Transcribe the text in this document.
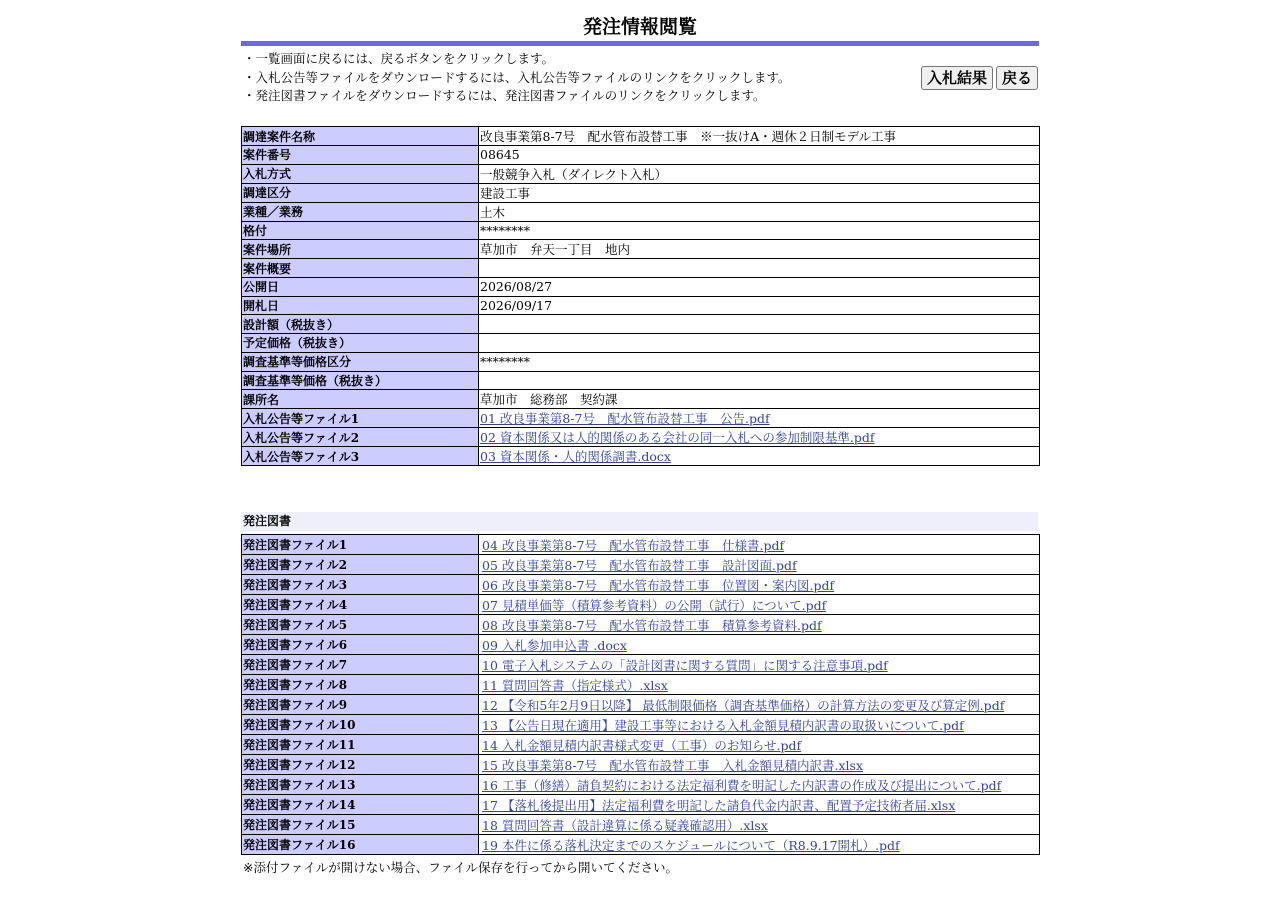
発注情報閲覧
・一覧画面に戻るには、戻るボタンをクリックします。
・入札公告等ファイルをダウンロードするには、入札公告等ファイルのリンクをクリックします。
・発注図書ファイルをダウンロードするには、発注図書ファイルのリンクをクリックします。
入札結果	戻る
調達案件名称	改良事業第8-7号　配水管布設替工事　※一抜けA・週休２日制モデル工事
案件番号	08645
入札方式	一般競争入札（ダイレクト入札）
調達区分	建設工事
業種／業務	土木
格付	********
案件場所	草加市　弁天一丁目　地内
案件概要	
公開日	2026/08/27
開札日	2026/09/17
設計額（税抜き）	
予定価格（税抜き）	
調査基準等価格区分	********
調査基準等価格（税抜き）	
課所名	草加市　総務部　契約課
入札公告等ファイル1	01 改良事業第8-7号　配水管布設替工事　公告.pdf
入札公告等ファイル2	02 資本関係又は人的関係のある会社の同一入札への参加制限基準.pdf
入札公告等ファイル3	03 資本関係・人的関係調書.docx
発注図書
発注図書ファイル1	04 改良事業第8-7号　配水管布設替工事　仕様書.pdf
発注図書ファイル2	05 改良事業第8-7号　配水管布設替工事　設計図面.pdf
発注図書ファイル3	06 改良事業第8-7号　配水管布設替工事　位置図・案内図.pdf
発注図書ファイル4	07 見積単価等（積算参考資料）の公開（試行）について.pdf
発注図書ファイル5	08 改良事業第8-7号　配水管布設替工事　積算参考資料.pdf
発注図書ファイル6	09 入札参加申込書 .docx
発注図書ファイル7	10 電子入札システムの「設計図書に関する質問」に関する注意事項.pdf
発注図書ファイル8	11 質問回答書（指定様式）.xlsx
発注図書ファイル9	12 【令和5年2月9日以降】 最低制限価格（調査基準価格）の計算方法の変更及び算定例.pdf
発注図書ファイル10	13 【公告日現在適用】建設工事等における入札金額見積内訳書の取扱いについて.pdf
発注図書ファイル11	14 入札金額見積内訳書様式変更（工事）のお知らせ.pdf
発注図書ファイル12	15 改良事業第8-7号　配水管布設替工事　入札金額見積内訳書.xlsx
発注図書ファイル13	16 工事（修繕）請負契約における法定福利費を明記した内訳書の作成及び提出について.pdf
発注図書ファイル14	17 【落札後提出用】法定福利費を明記した請負代金内訳書、配置予定技術者届.xlsx
発注図書ファイル15	18 質問回答書（設計違算に係る疑義確認用）.xlsx
発注図書ファイル16	19 本件に係る落札決定までのスケジュールについて（R8.9.17開札）.pdf
※添付ファイルが開けない場合、ファイル保存を行ってから開いてください。
